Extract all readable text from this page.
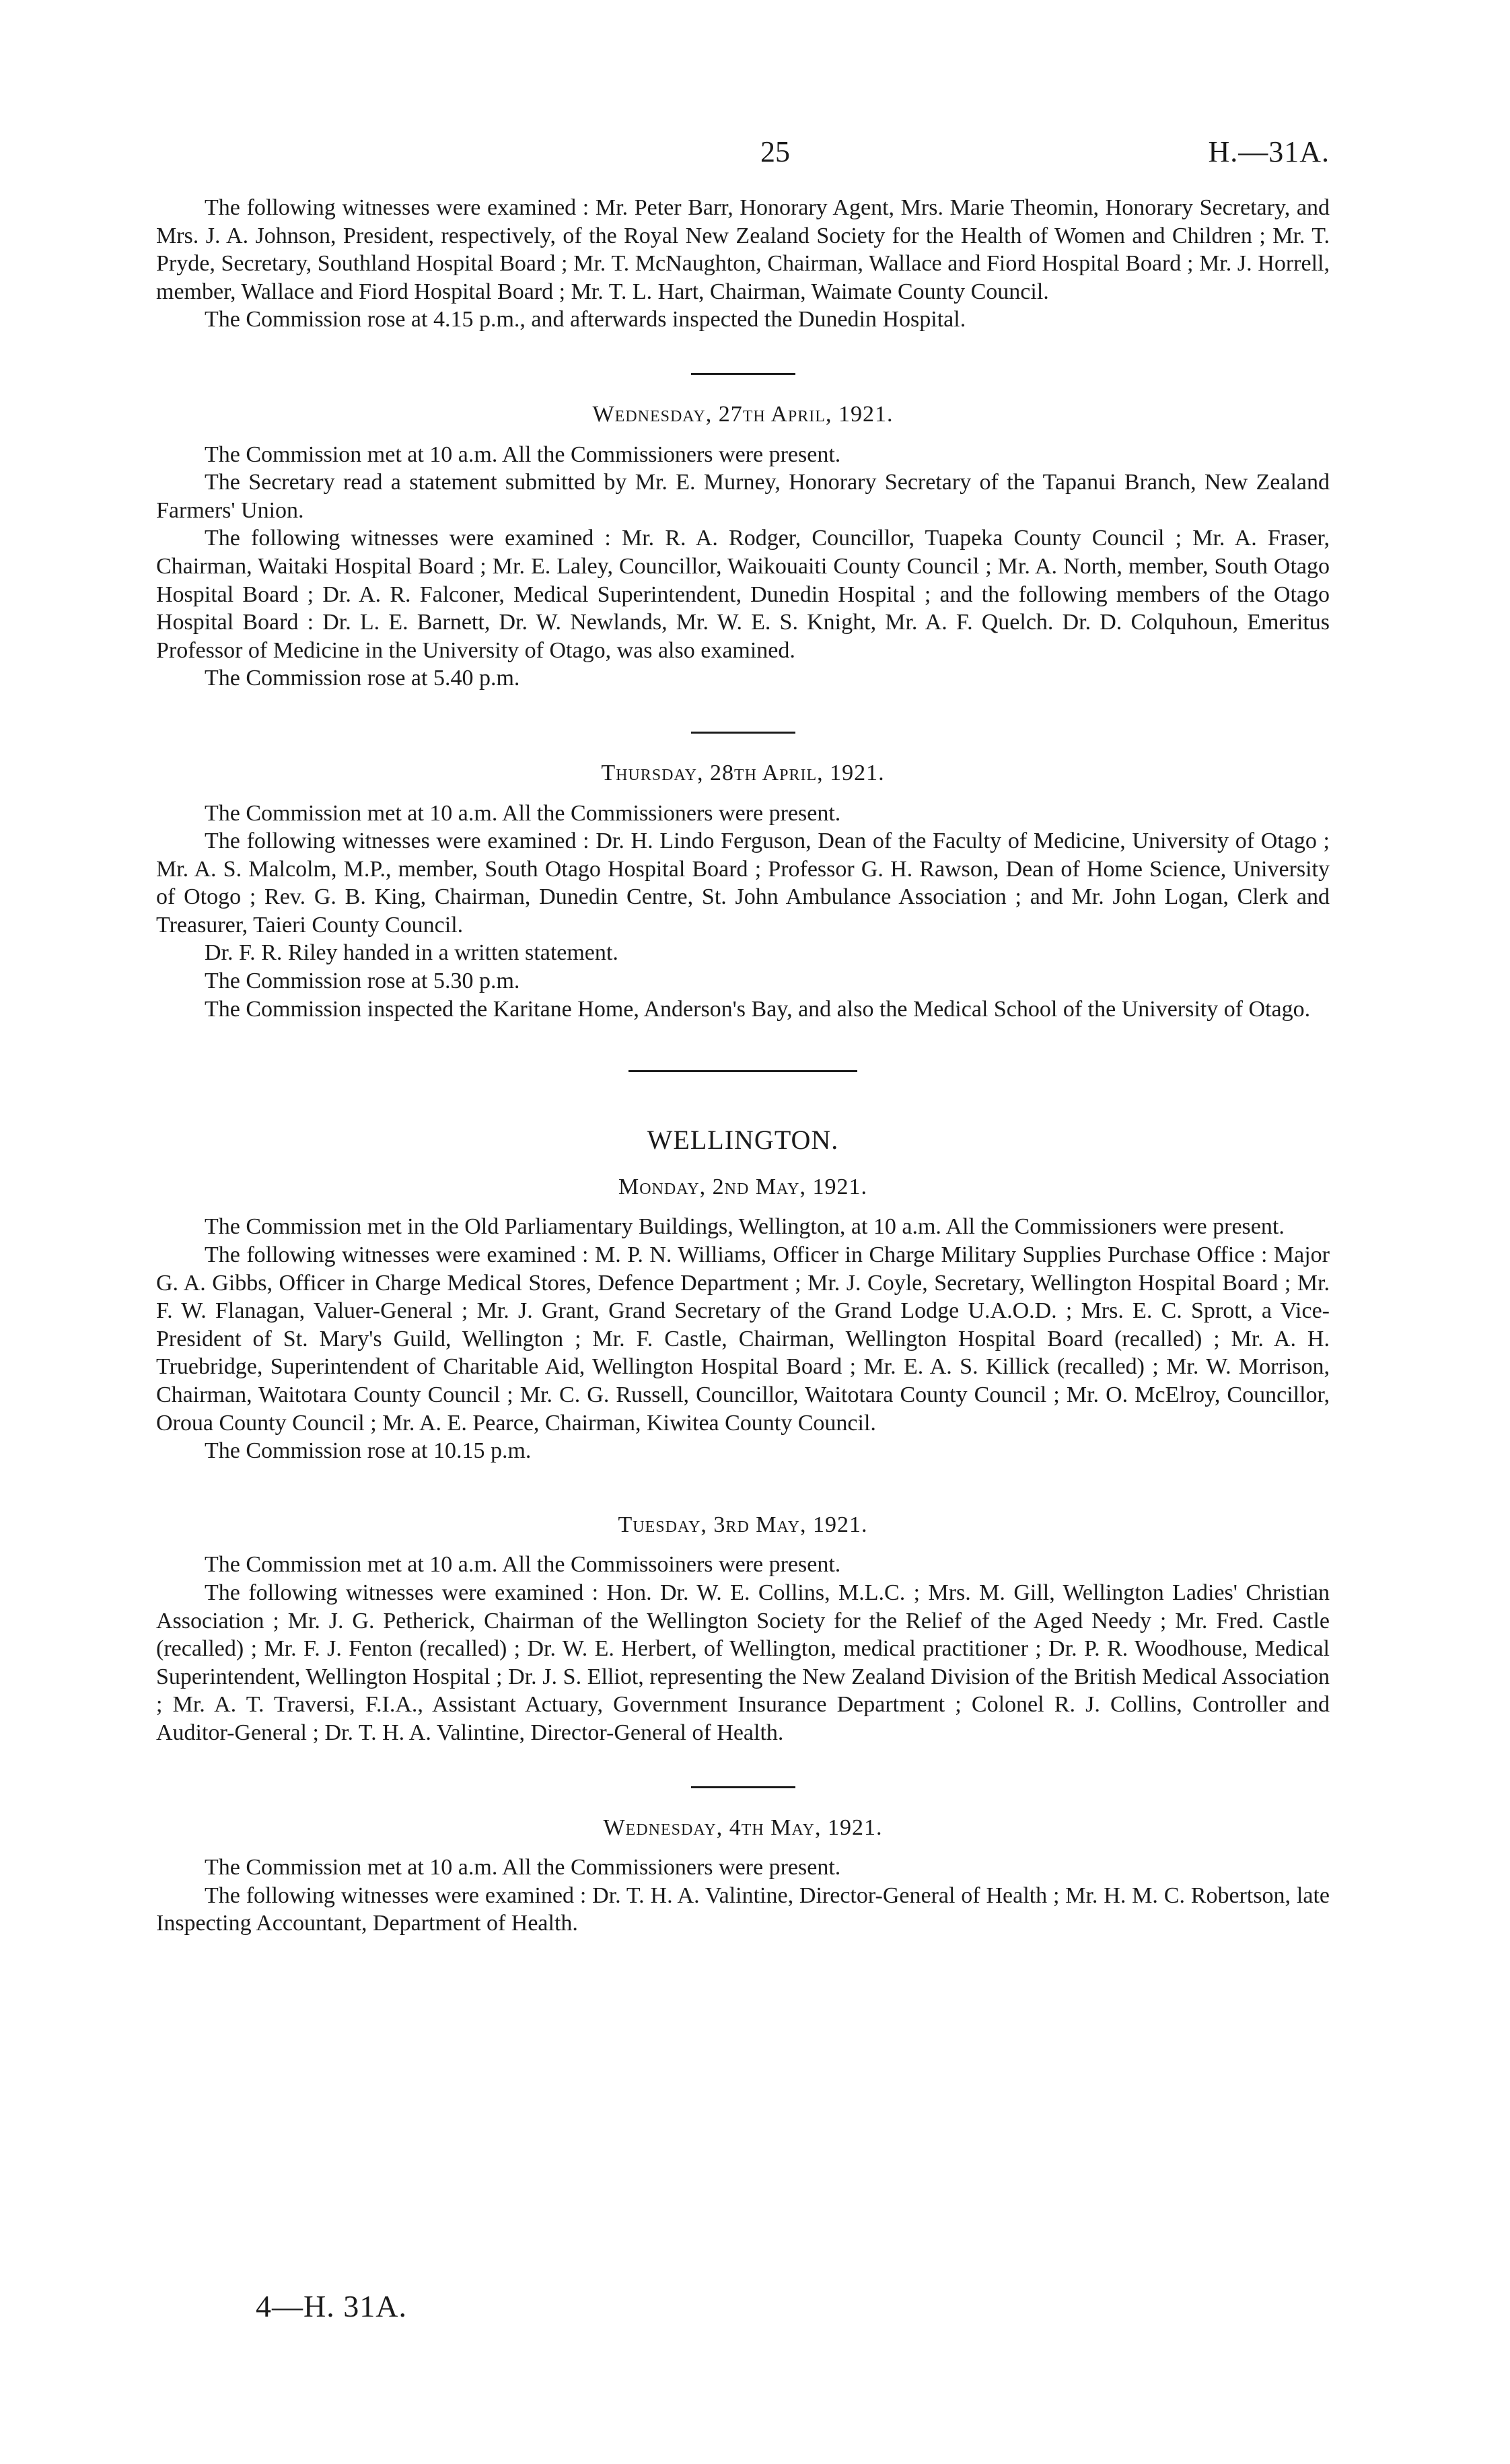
25	H.—31A.

The following witnesses were examined : Mr. Peter Barr, Honorary Agent, Mrs. Marie Theomin, Honorary Secretary, and Mrs. J. A. Johnson, President, respectively, of the Royal New Zealand Society for the Health of Women and Children ; Mr. T. Pryde, Secretary, Southland Hospital Board ; Mr. T. McNaughton, Chairman, Wallace and Fiord Hospital Board ; Mr. J. Horrell, member, Wallace and Fiord Hospital Board ; Mr. T. L. Hart, Chairman, Waimate County Council.

The Commission rose at 4.15 p.m., and afterwards inspected the Dunedin Hospital.

Wednesday, 27th April, 1921.

The Commission met at 10 a.m. All the Commissioners were present.

The Secretary read a statement submitted by Mr. E. Murney, Honorary Secretary of the Tapanui Branch, New Zealand Farmers' Union.

The following witnesses were examined : Mr. R. A. Rodger, Councillor, Tuapeka County Council ; Mr. A. Fraser, Chairman, Waitaki Hospital Board ; Mr. E. Laley, Councillor, Waikouaiti County Council ; Mr. A. North, member, South Otago Hospital Board ; Dr. A. R. Falconer, Medical Superintendent, Dunedin Hospital ; and the following members of the Otago Hospital Board : Dr. L. E. Barnett, Dr. W. Newlands, Mr. W. E. S. Knight, Mr. A. F. Quelch. Dr. D. Colquhoun, Emeritus Professor of Medicine in the University of Otago, was also examined.

The Commission rose at 5.40 p.m.

Thursday, 28th April, 1921.

The Commission met at 10 a.m. All the Commissioners were present.

The following witnesses were examined : Dr. H. Lindo Ferguson, Dean of the Faculty of Medicine, University of Otago ; Mr. A. S. Malcolm, M.P., member, South Otago Hospital Board ; Professor G. H. Rawson, Dean of Home Science, University of Otogo ; Rev. G. B. King, Chairman, Dunedin Centre, St. John Ambulance Association ; and Mr. John Logan, Clerk and Treasurer, Taieri County Council.

Dr. F. R. Riley handed in a written statement.

The Commission rose at 5.30 p.m.

The Commission inspected the Karitane Home, Anderson's Bay, and also the Medical School of the University of Otago.

WELLINGTON.
Monday, 2nd May, 1921.

The Commission met in the Old Parliamentary Buildings, Wellington, at 10 a.m. All the Commissioners were present.

The following witnesses were examined : M. P. N. Williams, Officer in Charge Military Supplies Purchase Office : Major G. A. Gibbs, Officer in Charge Medical Stores, Defence Department ; Mr. J. Coyle, Secretary, Wellington Hospital Board ; Mr. F. W. Flanagan, Valuer-General ; Mr. J. Grant, Grand Secretary of the Grand Lodge U.A.O.D. ; Mrs. E. C. Sprott, a Vice-President of St. Mary's Guild, Wellington ; Mr. F. Castle, Chairman, Wellington Hospital Board (recalled) ; Mr. A. H. Truebridge, Superintendent of Charitable Aid, Wellington Hospital Board ; Mr. E. A. S. Killick (recalled) ; Mr. W. Morrison, Chairman, Waitotara County Council ; Mr. C. G. Russell, Councillor, Waitotara County Council ; Mr. O. McElroy, Councillor, Oroua County Council ; Mr. A. E. Pearce, Chairman, Kiwitea County Council.

The Commission rose at 10.15 p.m.

Tuesday, 3rd May, 1921.

The Commission met at 10 a.m. All the Commissoiners were present.

The following witnesses were examined : Hon. Dr. W. E. Collins, M.L.C. ; Mrs. M. Gill, Wellington Ladies' Christian Association ; Mr. J. G. Petherick, Chairman of the Wellington Society for the Relief of the Aged Needy ; Mr. Fred. Castle (recalled) ; Mr. F. J. Fenton (recalled) ; Dr. W. E. Herbert, of Wellington, medical practitioner ; Dr. P. R. Woodhouse, Medical Superintendent, Wellington Hospital ; Dr. J. S. Elliot, representing the New Zealand Division of the British Medical Association ; Mr. A. T. Traversi, F.I.A., Assistant Actuary, Government Insurance Department ; Colonel R. J. Collins, Controller and Auditor-General ; Dr. T. H. A. Valintine, Director-General of Health.

Wednesday, 4th May, 1921.

The Commission met at 10 a.m. All the Commissioners were present.

The following witnesses were examined : Dr. T. H. A. Valintine, Director-General of Health ; Mr. H. M. C. Robertson, late Inspecting Accountant, Department of Health.

4—H. 31A.
